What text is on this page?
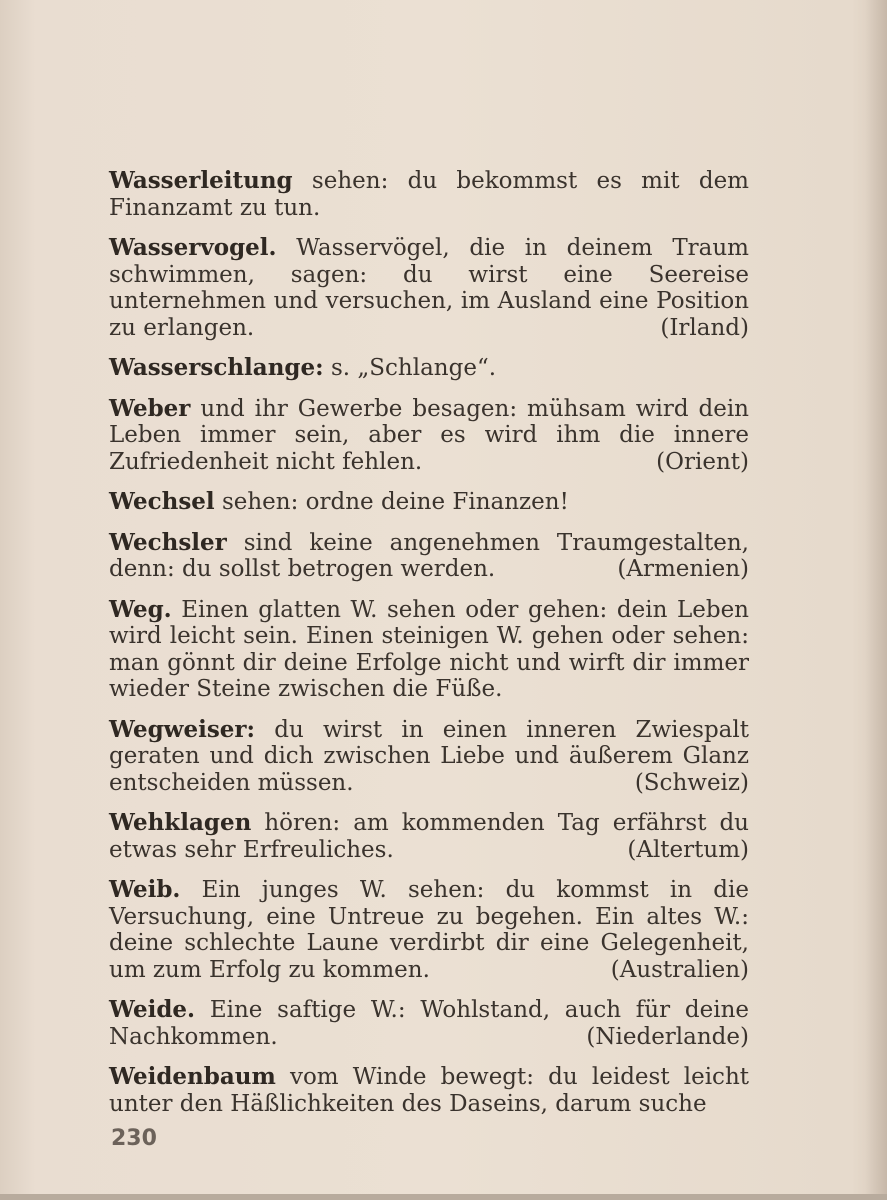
Wasserleitung sehen: du bekommst es mit dem Finanzamt zu tun.

Wasservogel. Wasservögel, die in deinem Traum schwimmen, sagen: du wirst eine Seereise unternehmen und versuchen, im Ausland eine Position zu erlangen.	(Irland)

Wasserschlange: s. „Schlange“.

Weber und ihr Gewerbe besagen: mühsam wird dein Leben immer sein, aber es wird ihm die innere Zufriedenheit nicht fehlen.	(Orient)

Wechsel sehen: ordne deine Finanzen!

Wechsler sind keine angenehmen Traumgestalten, denn: du sollst betrogen werden.	(Armenien)

Weg. Einen glatten W. sehen oder gehen: dein Leben wird leicht sein. Einen steinigen W. gehen oder sehen: man gönnt dir deine Erfolge nicht und wirft dir immer wieder Steine zwischen die Füße.

Wegweiser: du wirst in einen inneren Zwiespalt geraten und dich zwischen Liebe und äußerem Glanz entscheiden müssen.	(Schweiz)

Wehklagen hören: am kommenden Tag erfährst du etwas sehr Erfreuliches.	(Altertum)

Weib. Ein junges W. sehen: du kommst in die Versuchung, eine Untreue zu begehen. Ein altes W.: deine schlechte Laune verdirbt dir eine Gelegenheit, um zum Erfolg zu kommen.	(Australien)

Weide. Eine saftige W.: Wohlstand, auch für deine Nachkommen.	(Niederlande)

Weidenbaum vom Winde bewegt: du leidest leicht unter den Häßlichkeiten des Daseins, darum suche

230
